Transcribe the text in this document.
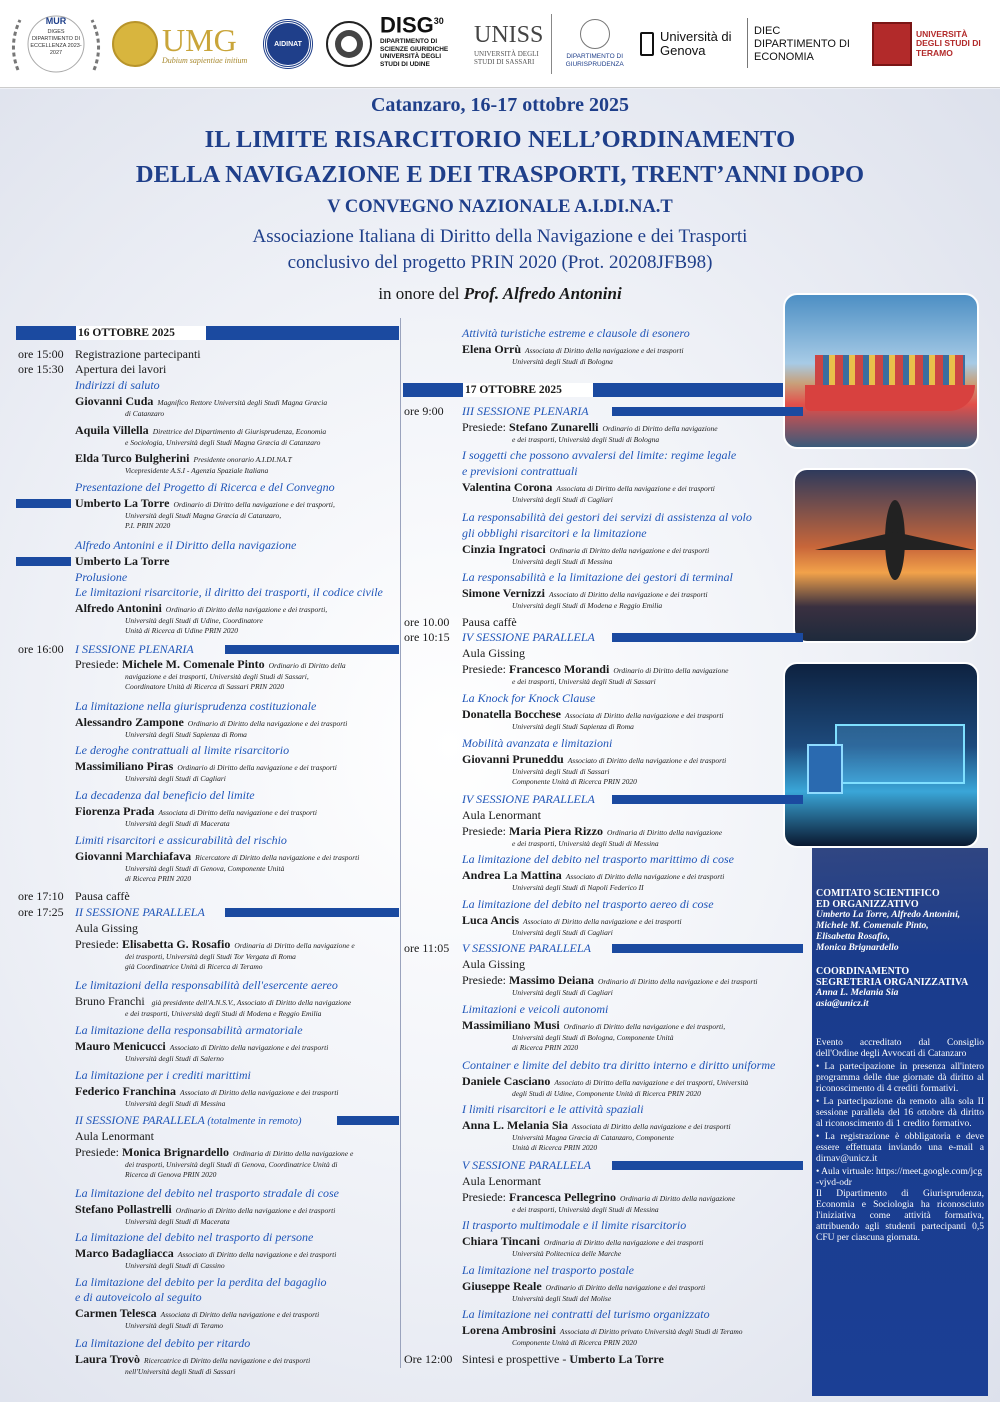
MUR
DIGES DIPARTIMENTO DI ECCELLENZA 2023-2027	UMG
Dubium sapientiae initium
AIDINAT
DISG$^{30}$
DIPARTIMENTO DI SCIENZE GIURIDICHE UNIVERSITÀ DEGLI STUDI DI UDINE
UNISS
UNIVERSITÀ DEGLI STUDI DI SASSARI
DIPARTIMENTO DI GIURISPRUDENZA
Università di Genova
DIEC DIPARTIMENTO DI ECONOMIA
UNIVERSITÀ DEGLI STUDI DI TERAMO
Catanzaro, 16-17 ottobre 2025
IL LIMITE RISARCITORIO NELL’ORDINAMENTO
DELLA NAVIGAZIONE E DEI TRASPORTI, TRENT’ANNI DOPO
V CONVEGNO NAZIONALE A.I.DI.NA.T
Associazione Italiana di Diritto della Navigazione e dei Trasporti
conclusivo del progetto PRIN 2020 (Prot. 20208JFB98)
in onore del Prof. Alfredo Antonini
16 OTTOBRE 2025
17 OTTOBRE 2025
COMITATO SCIENTIFICO
ED ORGANIZZATIVO
Umberto La Torre, Alfredo Antonini,
Michele M. Comenale Pinto,
Elisabetta Rosafio,
Monica Brignardello
COORDINAMENTO
SEGRETERIA ORGANIZZATIVA
Anna L. Melania Sia
asia@unicz.it
Evento accreditato dal Consiglio dell'Ordine degli Avvocati di Catanzaro
• La partecipazione in presenza all'intero programma delle due giornate dà diritto al riconoscimento di 4 crediti formativi.
• La partecipazione da remoto alla sola II sessione parallela del 16 ottobre dà diritto al riconoscimento di 1 credito formativo.
• La registrazione è obbligatoria e deve essere effettuata inviando una e-mail a dirnav@unicz.it
• Aula virtuale: https://meet.google.com/jcg-vjvd-odr
Il Dipartimento di Giurisprudenza, Economia e Sociologia ha riconosciuto l'iniziativa come attività formativa, attribuendo agli studenti partecipanti 0,5 CFU per ciascuna giornata.
ore 15:00 Registrazione partecipanti
ore 15:30 Apertura dei lavori
Indirizzi di saluto
Giovanni Cuda Magnifico Rettore Università degli Studi Magna Græcia
di Catanzaro
Aquila Villella Direttrice del Dipartimento di Giurisprudenza, Economia
e Sociologia, Università degli Studi Magna Græcia di Catanzaro
Elda Turco Bulgherini Presidente onorario A.I.DI.NA.T
Vicepresidente A.S.I - Agenzia Spaziale Italiana
Presentazione del Progetto di Ricerca e del Convegno
Umberto La Torre Ordinario di Diritto della navigazione e dei trasporti,
Università degli Studi Magna Græcia di Catanzaro,
P.I. PRIN 2020
Alfredo Antonini e il Diritto della navigazione
Umberto La Torre
Prolusione
Le limitazioni risarcitorie, il diritto dei trasporti, il codice civile
Alfredo Antonini Ordinario di Diritto della navigazione e dei trasporti,
Università degli Studi di Udine, Coordinatore
Unità di Ricerca di Udine PRIN 2020
ore 16:00 I SESSIONE PLENARIA
Presiede: Michele M. Comenale Pinto Ordinario di Diritto della
navigazione e dei trasporti, Università degli Studi di Sassari,
Coordinatore Unità di Ricerca di Sassari PRIN 2020
La limitazione nella giurisprudenza costituzionale
Alessandro Zampone Ordinario di Diritto della navigazione e dei trasporti
Università degli Studi Sapienza di Roma
Le deroghe contrattuali al limite risarcitorio
Massimiliano Piras Ordinario di Diritto della navigazione e dei trasporti
Università degli Studi di Cagliari
La decadenza dal beneficio del limite
Fiorenza Prada Associata di Diritto della navigazione e dei trasporti
Università degli Studi di Macerata
Limiti risarcitori e assicurabilità del rischio
Giovanni Marchiafava Ricercatore di Diritto della navigazione e dei trasporti
Università degli Studi di Genova, Componente Unità
di Ricerca PRIN 2020
ore 17:10 Pausa caffè
ore 17:25 II SESSIONE PARALLELA
Aula Gissing
Presiede: Elisabetta G. Rosafio Ordinaria di Diritto della navigazione e
dei trasporti, Università degli Studi Tor Vergata di Roma
già Coordinatrice Unità di Ricerca di Teramo
Le limitazioni della responsabilità dell'esercente aereo
Bruno Franchi già presidente dell'A.N.S.V., Associato di Diritto della navigazione
e dei trasporti, Università degli Studi di Modena e Reggio Emilia
La limitazione della responsabilità armatoriale
Mauro Menicucci Associato di Diritto della navigazione e dei trasporti
Università degli Studi di Salerno
La limitazione per i crediti marittimi
Federico Franchina Associato di Diritto della navigazione e dei trasporti
Università degli Studi di Messina
II SESSIONE PARALLELA (totalmente in remoto)
Aula Lenormant
Presiede: Monica Brignardello Ordinaria di Diritto della navigazione e
dei trasporti, Università degli Studi di Genova, Coordinatrice Unità di
Ricerca di Genova PRIN 2020
La limitazione del debito nel trasporto stradale di cose
Stefano Pollastrelli Ordinario di Diritto della navigazione e dei trasporti
Università degli Studi di Macerata
La limitazione del debito nel trasporto di persone
Marco Badagliacca Associato di Diritto della navigazione e dei trasporti
Università degli Studi di Cassino
La limitazione del debito per la perdita del bagaglio
e di autoveicolo al seguito
Carmen Telesca Associata di Diritto della navigazione e dei trasporti
Università degli Studi di Teramo
La limitazione del debito per ritardo
Laura Trovò Ricercatrice di Diritto della navigazione e dei trasporti
nell'Università degli Studi di Sassari
Attività turistiche estreme e clausole di esonero
Elena Orrù Associata di Diritto della navigazione e dei trasporti
Università degli Studi di Bologna
ore 9:00 III SESSIONE PLENARIA
Presiede: Stefano Zunarelli Ordinario di Diritto della navigazione
e dei trasporti, Università degli Studi di Bologna
I soggetti che possono avvalersi del limite: regime legale
e previsioni contrattuali
Valentina Corona Associata di Diritto della navigazione e dei trasporti
Università degli Studi di Cagliari
La responsabilità dei gestori dei servizi di assistenza al volo
gli obblighi risarcitori e la limitazione
Cinzia Ingratoci Ordinaria di Diritto della navigazione e dei trasporti
Università degli Studi di Messina
La responsabilità e la limitazione dei gestori di terminal
Simone Vernizzi Associato di Diritto della navigazione e dei trasporti
Università degli Studi di Modena e Reggio Emilia
ore 10.00 Pausa caffè
ore 10:15 IV SESSIONE PARALLELA
Aula Gissing
Presiede: Francesco Morandi Ordinario di Diritto della navigazione
e dei trasporti, Università degli Studi di Sassari
La Knock for Knock Clause
Donatella Bocchese Associata di Diritto della navigazione e dei trasporti
Università degli Studi Sapienza di Roma
Mobilità avanzata e limitazioni
Giovanni Pruneddu Associato di Diritto della navigazione e dei trasporti
Università degli Studi di Sassari
Componente Unità di Ricerca PRIN 2020
IV SESSIONE PARALLELA
Aula Lenormant
Presiede: Maria Piera Rizzo Ordinaria di Diritto della navigazione
e dei trasporti, Università degli Studi di Messina
La limitazione del debito nel trasporto marittimo di cose
Andrea La Mattina Associato di Diritto della navigazione e dei trasporti
Università degli Studi di Napoli Federico II
La limitazione del debito nel trasporto aereo di cose
Luca Ancis Associato di Diritto della navigazione e dei trasporti
Università degli Studi di Cagliari
ore 11:05 V SESSIONE PARALLELA
Aula Gissing
Presiede: Massimo Deiana Ordinario di Diritto della navigazione e dei trasporti
Università degli Studi di Cagliari
Limitazioni e veicoli autonomi
Massimiliano Musi Ordinario di Diritto della navigazione e dei trasporti,
Università degli Studi di Bologna, Componente Unità
di Ricerca PRIN 2020
Container e limite del debito tra diritto interno e diritto uniforme
Daniele Casciano Associato di Diritto della navigazione e dei trasporti, Università
degli Studi di Udine, Componente Unità di Ricerca PRIN 2020
I limiti risarcitori e le attività spaziali
Anna L. Melania Sia Associata di Diritto della navigazione e dei trasporti
Università Magna Græcia di Catanzaro, Componente
Unità di Ricerca PRIN 2020
V SESSIONE PARALLELA
Aula Lenormant
Presiede: Francesca Pellegrino Ordinaria di Diritto della navigazione
e dei trasporti, Università degli Studi di Messina
Il trasporto multimodale e il limite risarcitorio
Chiara Tincani Ordinaria di Diritto della navigazione e dei trasporti
Università Politecnica delle Marche
La limitazione nel trasporto postale
Giuseppe Reale Ordinario di Diritto della navigazione e dei trasporti
Università degli Studi del Molise
La limitazione nei contratti del turismo organizzato
Lorena Ambrosini Associata di Diritto privato Università degli Studi di Teramo
Componente Unità di Ricerca PRIN 2020
Ore 12:00 Sintesi e prospettive - Umberto La Torre
